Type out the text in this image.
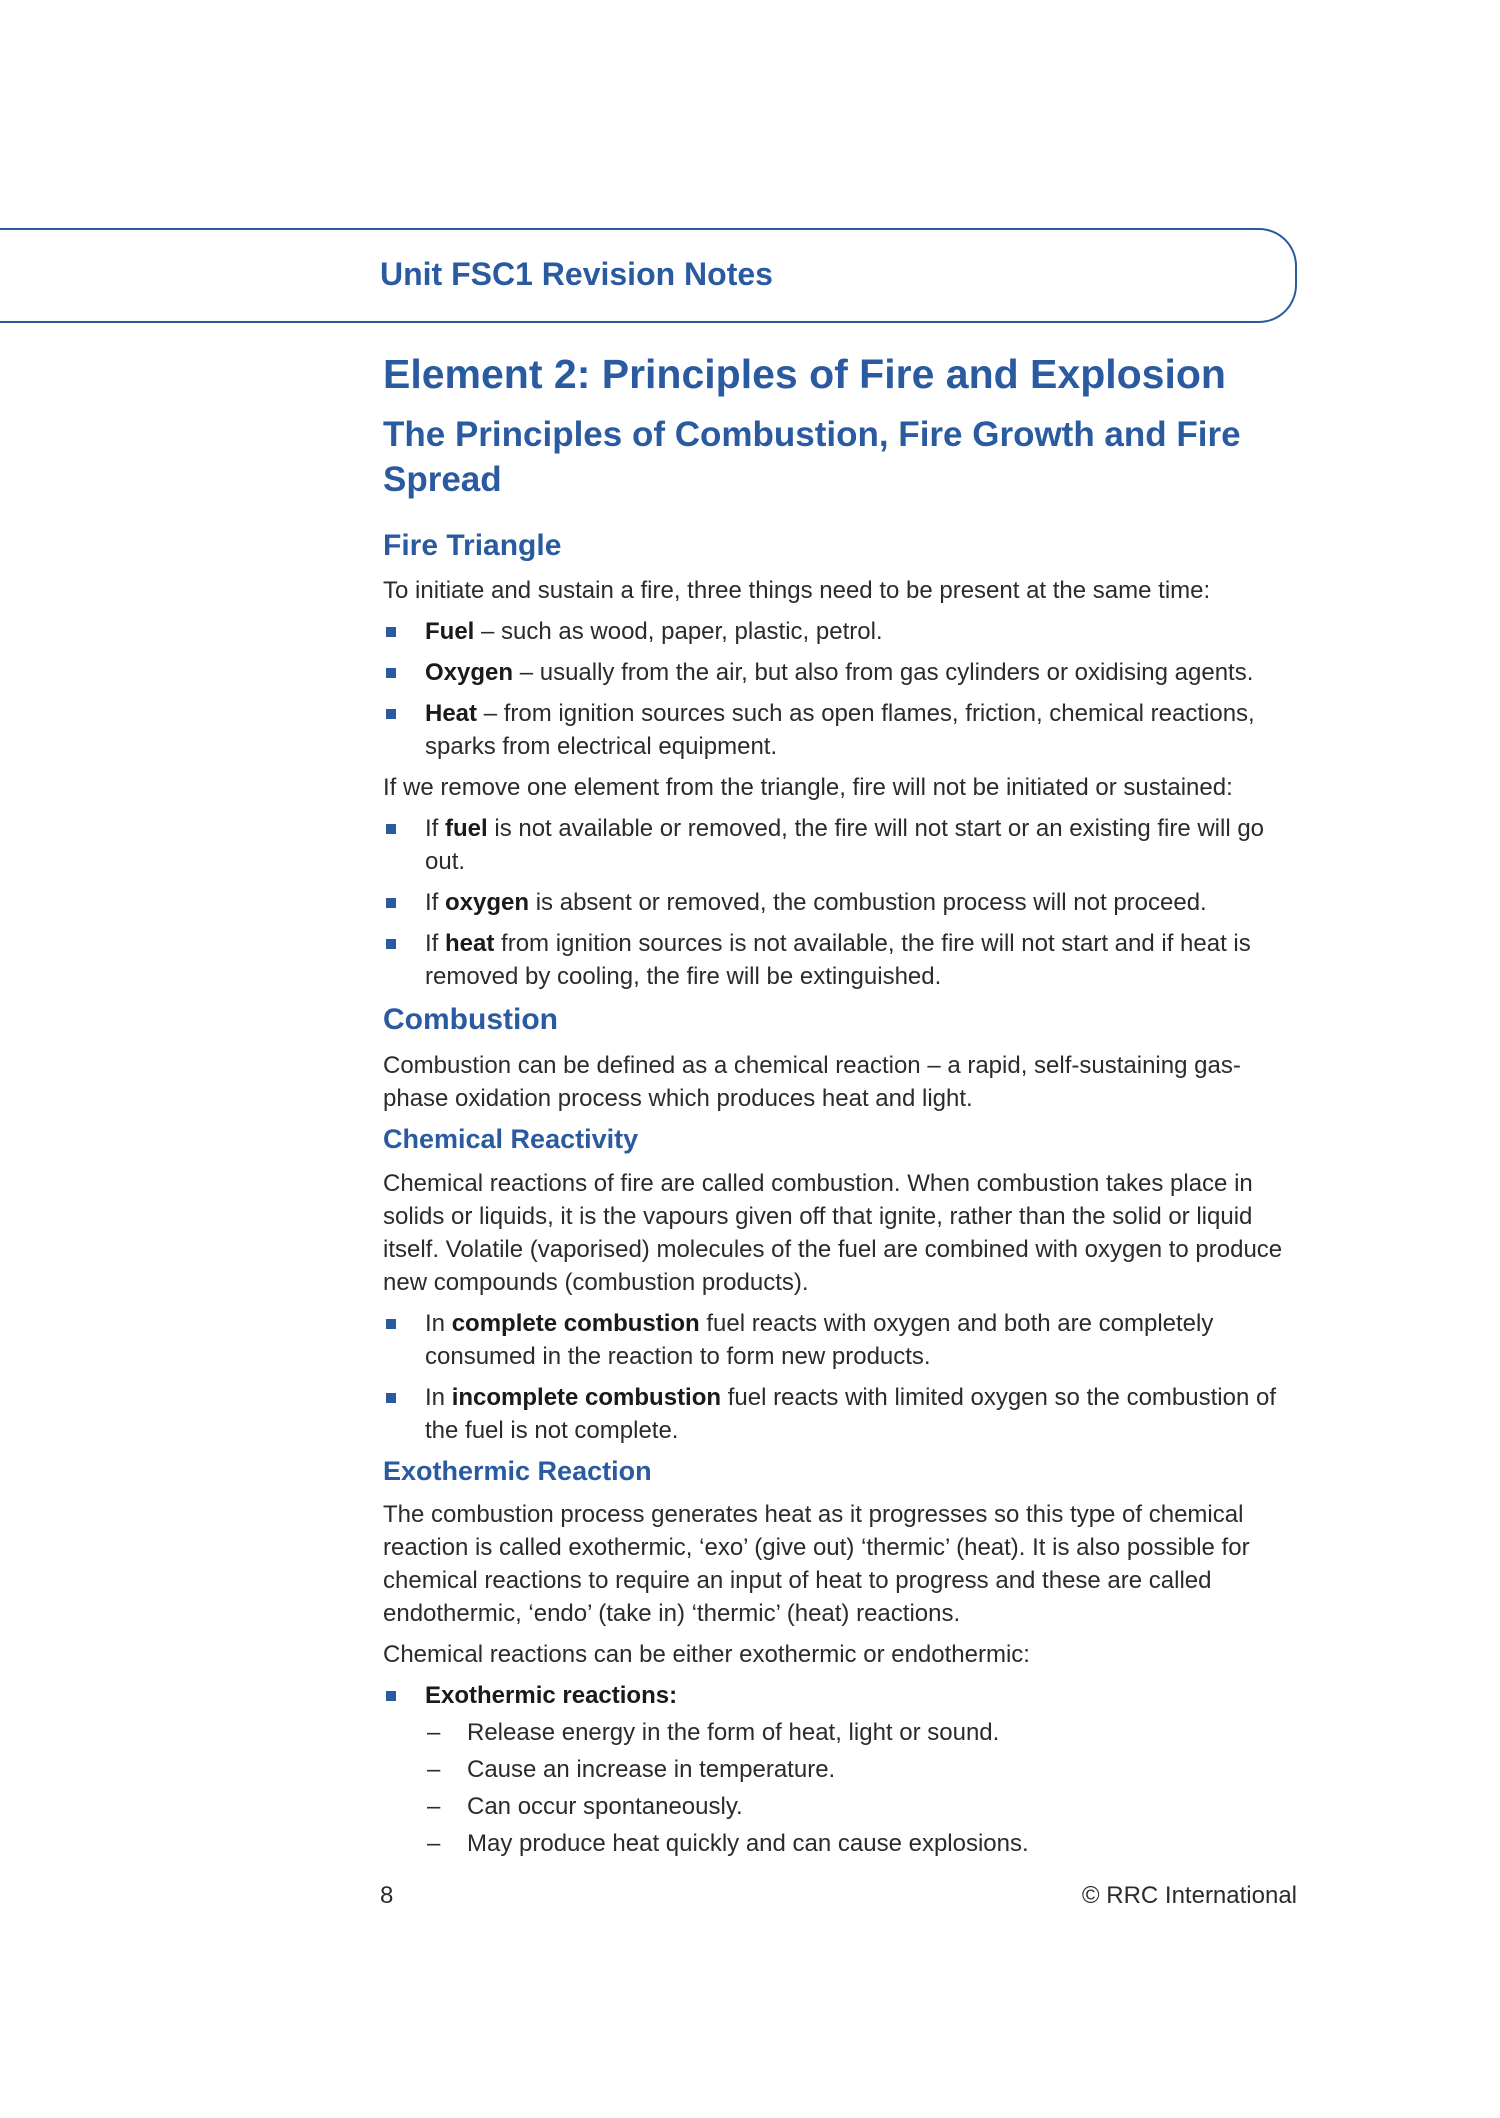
Unit FSC1 Revision Notes
Element 2: Principles of Fire and Explosion
The Principles of Combustion, Fire Growth and Fire Spread
Fire Triangle

To initiate and sustain a fire, three things need to be present at the same time:

Fuel – such as wood, paper, plastic, petrol.
Oxygen – usually from the air, but also from gas cylinders or oxidising agents.
Heat – from ignition sources such as open flames, friction, chemical reactions, sparks from electrical equipment.

If we remove one element from the triangle, fire will not be initiated or sustained:

If fuel is not available or removed, the fire will not start or an existing fire will go out.
If oxygen is absent or removed, the combustion process will not proceed.
If heat from ignition sources is not available, the fire will not start and if heat is removed by cooling, the fire will be extinguished.
Combustion

Combustion can be defined as a chemical reaction – a rapid, self-sustaining gas-phase oxidation process which produces heat and light.

Chemical Reactivity

Chemical reactions of fire are called combustion. When combustion takes place in solids or liquids, it is the vapours given off that ignite, rather than the solid or liquid itself. Volatile (vaporised) molecules of the fuel are combined with oxygen to produce new compounds (combustion products).

In complete combustion fuel reacts with oxygen and both are completely consumed in the reaction to form new products.
In incomplete combustion fuel reacts with limited oxygen so the combustion of the fuel is not complete.
Exothermic Reaction

The combustion process generates heat as it progresses so this type of chemical reaction is called exothermic, ‘exo’ (give out) ‘thermic’ (heat). It is also possible for chemical reactions to require an input of heat to progress and these are called endothermic, ‘endo’ (take in) ‘thermic’ (heat) reactions.

Chemical reactions can be either exothermic or endothermic:

Exothermic reactions:
– Release energy in the form of heat, light or sound.
– Cause an increase in temperature.
– Can occur spontaneously.
– May produce heat quickly and can cause explosions.
8	© RRC International
